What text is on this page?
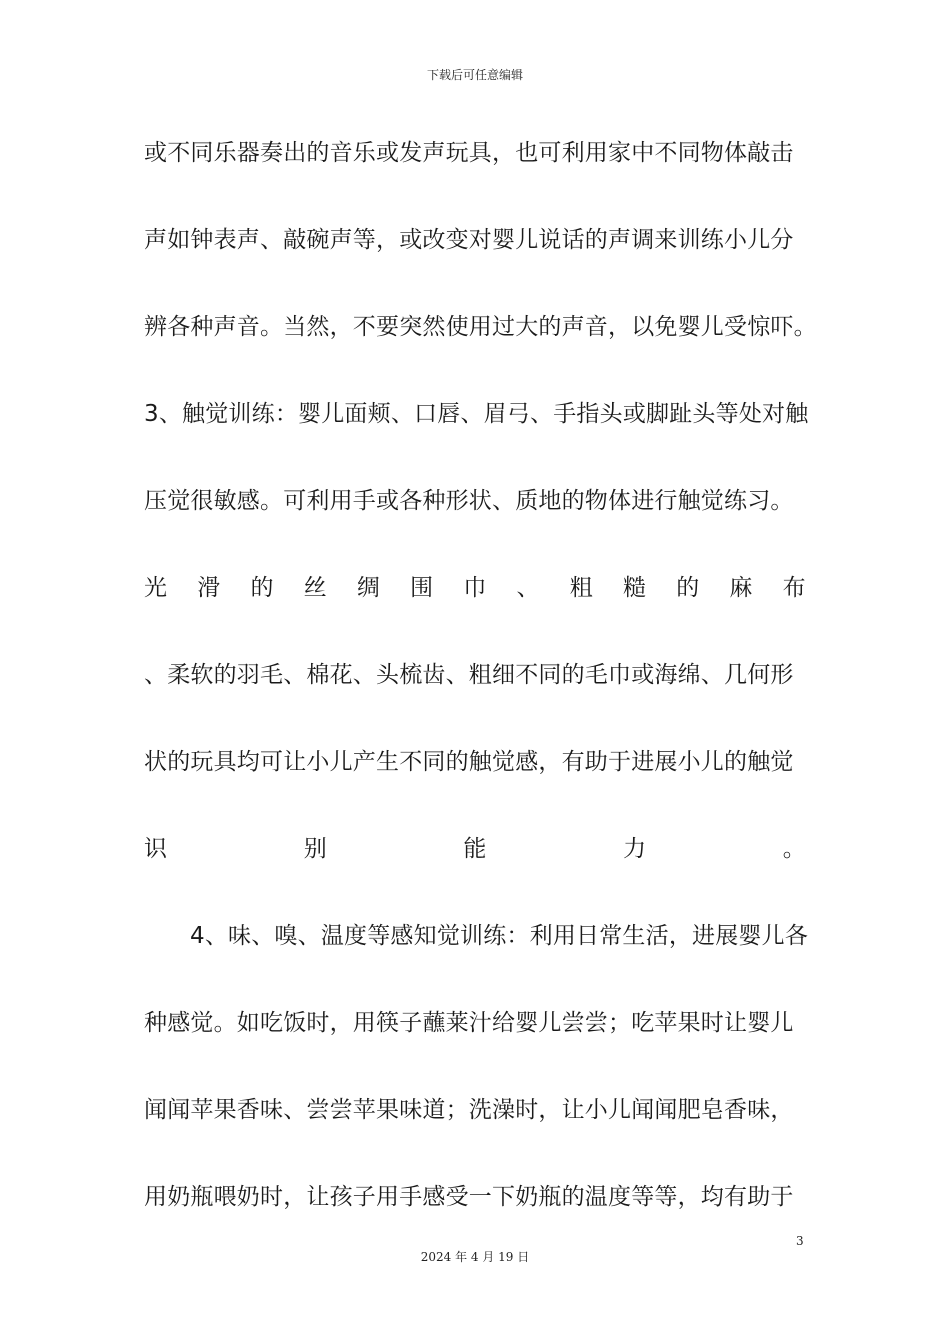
下载后可任意编辑
或不同乐器奏出的音乐或发声玩具，也可利用家中不同物体敲击
声如钟表声、敲碗声等，或改变对婴儿说话的声调来训练小儿分
辨各种声音。当然，不要突然使用过大的声音，以免婴儿受惊吓。
3、触觉训练：婴儿面颊、口唇、眉弓、手指头或脚趾头等处对触
压觉很敏感。可利用手或各种形状、质地的物体进行触觉练习。
光 滑 的 丝 绸 围 巾 、 粗 糙 的 麻 布
、柔软的羽毛、棉花、头梳齿、粗细不同的毛巾或海绵、几何形
状的玩具均可让小儿产生不同的触觉感，有助于进展小儿的触觉
识	别	能	力	。
4、味、嗅、温度等感知觉训练：利用日常生活，进展婴儿各
种感觉。如吃饭时，用筷子蘸莱汁给婴儿尝尝；吃苹果时让婴儿
闻闻苹果香味、尝尝苹果味道；洗澡时，让小儿闻闻肥皂香味，
用奶瓶喂奶时，让孩子用手感受一下奶瓶的温度等等，均有助于
3
2024 年 4 月 19 日
